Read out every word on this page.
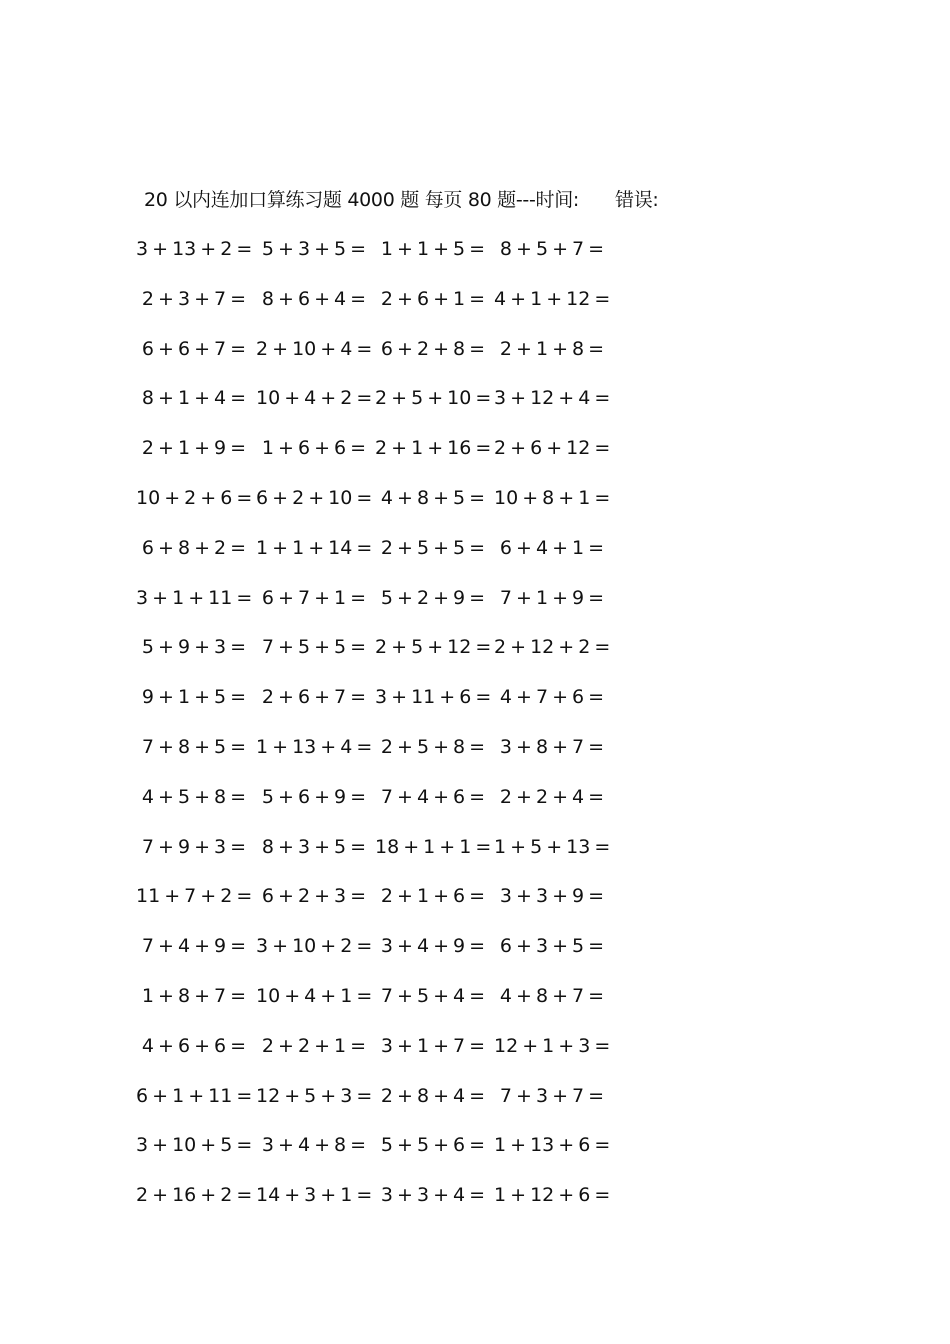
20 以内连加口算练习题 4000 题 每页 80 题---时间: 错误:
3 + 13 + 2 = 5 + 3 + 5 = 1 + 1 + 5 = 8 + 5 + 7 =
2 + 3 + 7 = 8 + 6 + 4 = 2 + 6 + 1 = 4 + 1 + 12 =
6 + 6 + 7 = 2 + 10 + 4 = 6 + 2 + 8 = 2 + 1 + 8 =
8 + 1 + 4 = 10 + 4 + 2 = 2 + 5 + 10 = 3 + 12 + 4 =
2 + 1 + 9 = 1 + 6 + 6 = 2 + 1 + 16 = 2 + 6 + 12 =
10 + 2 + 6 = 6 + 2 + 10 = 4 + 8 + 5 = 10 + 8 + 1 =
6 + 8 + 2 = 1 + 1 + 14 = 2 + 5 + 5 = 6 + 4 + 1 =
3 + 1 + 11 = 6 + 7 + 1 = 5 + 2 + 9 = 7 + 1 + 9 =
5 + 9 + 3 = 7 + 5 + 5 = 2 + 5 + 12 = 2 + 12 + 2 =
9 + 1 + 5 = 2 + 6 + 7 = 3 + 11 + 6 = 4 + 7 + 6 =
7 + 8 + 5 = 1 + 13 + 4 = 2 + 5 + 8 = 3 + 8 + 7 =
4 + 5 + 8 = 5 + 6 + 9 = 7 + 4 + 6 = 2 + 2 + 4 =
7 + 9 + 3 = 8 + 3 + 5 = 18 + 1 + 1 = 1 + 5 + 13 =
11 + 7 + 2 = 6 + 2 + 3 = 2 + 1 + 6 = 3 + 3 + 9 =
7 + 4 + 9 = 3 + 10 + 2 = 3 + 4 + 9 = 6 + 3 + 5 =
1 + 8 + 7 = 10 + 4 + 1 = 7 + 5 + 4 = 4 + 8 + 7 =
4 + 6 + 6 = 2 + 2 + 1 = 3 + 1 + 7 = 12 + 1 + 3 =
6 + 1 + 11 = 12 + 5 + 3 = 2 + 8 + 4 = 7 + 3 + 7 =
3 + 10 + 5 = 3 + 4 + 8 = 5 + 5 + 6 = 1 + 13 + 6 =
2 + 16 + 2 = 14 + 3 + 1 = 3 + 3 + 4 = 1 + 12 + 6 =
